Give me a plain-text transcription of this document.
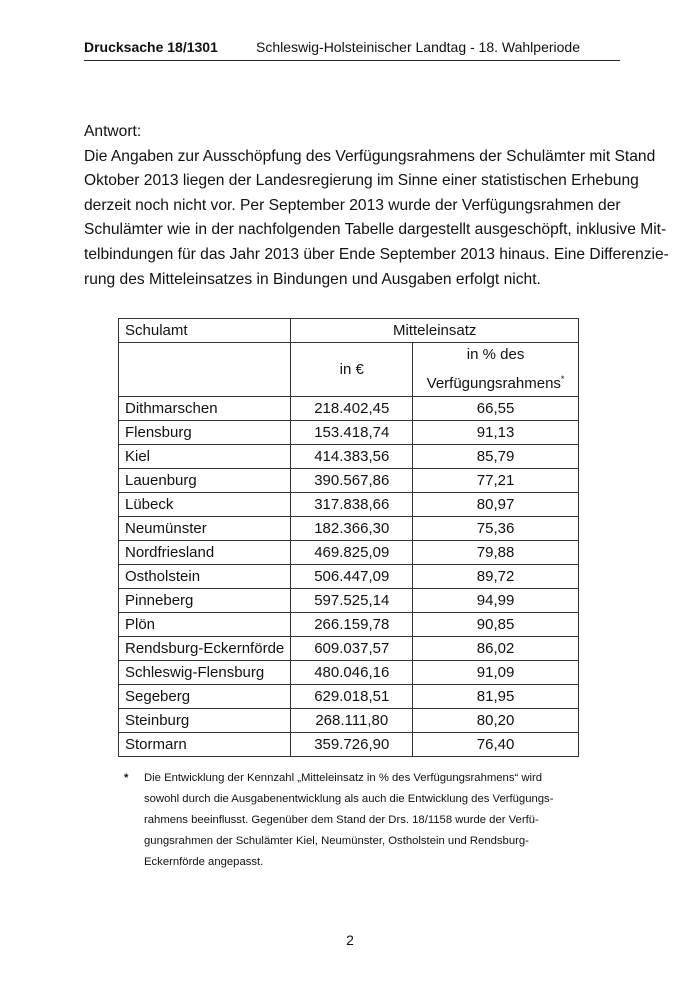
Drucksache 18/1301	Schleswig-Holsteinischer Landtag - 18. Wahlperiode

Antwort:

Die Angaben zur Ausschöpfung des Verfügungsrahmens der Schulämter mit Stand
Oktober 2013 liegen der Landesregierung im Sinne einer statistischen Erhebung
derzeit noch nicht vor. Per September 2013 wurde der Verfügungsrahmen der
Schulämter wie in der nachfolgenden Tabelle dargestellt ausgeschöpft, inklusive Mit-
telbindungen für das Jahr 2013 über Ende September 2013 hinaus. Eine Differenzie-
rung des Mitteleinsatzes in Bindungen und Ausgaben erfolgt nicht.

Schulamt	Mitteleinsatz	
	in €	in % des
Verfügungsrahmens*
Dithmarschen	218.402,45	66,55
Flensburg	153.418,74	91,13
Kiel	414.383,56	85,79
Lauenburg	390.567,86	77,21
Lübeck	317.838,66	80,97
Neumünster	182.366,30	75,36
Nordfriesland	469.825,09	79,88
Ostholstein	506.447,09	89,72
Pinneberg	597.525,14	94,99
Plön	266.159,78	90,85
Rendsburg-Eckernförde	609.037,57	86,02
Schleswig-Flensburg	480.046,16	91,09
Segeberg	629.018,51	81,95
Steinburg	268.111,80	80,20
Stormarn	359.726,90	76,40
* Die Entwicklung der Kennzahl „Mitteleinsatz in % des Verfügungsrahmens“ wird
sowohl durch die Ausgabenentwicklung als auch die Entwicklung des Verfügungs-
rahmens beeinflusst. Gegenüber dem Stand der Drs. 18/1158 wurde der Verfü-
gungsrahmen der Schulämter Kiel, Neumünster, Ostholstein und Rendsburg-
Eckernförde angepasst.
2
